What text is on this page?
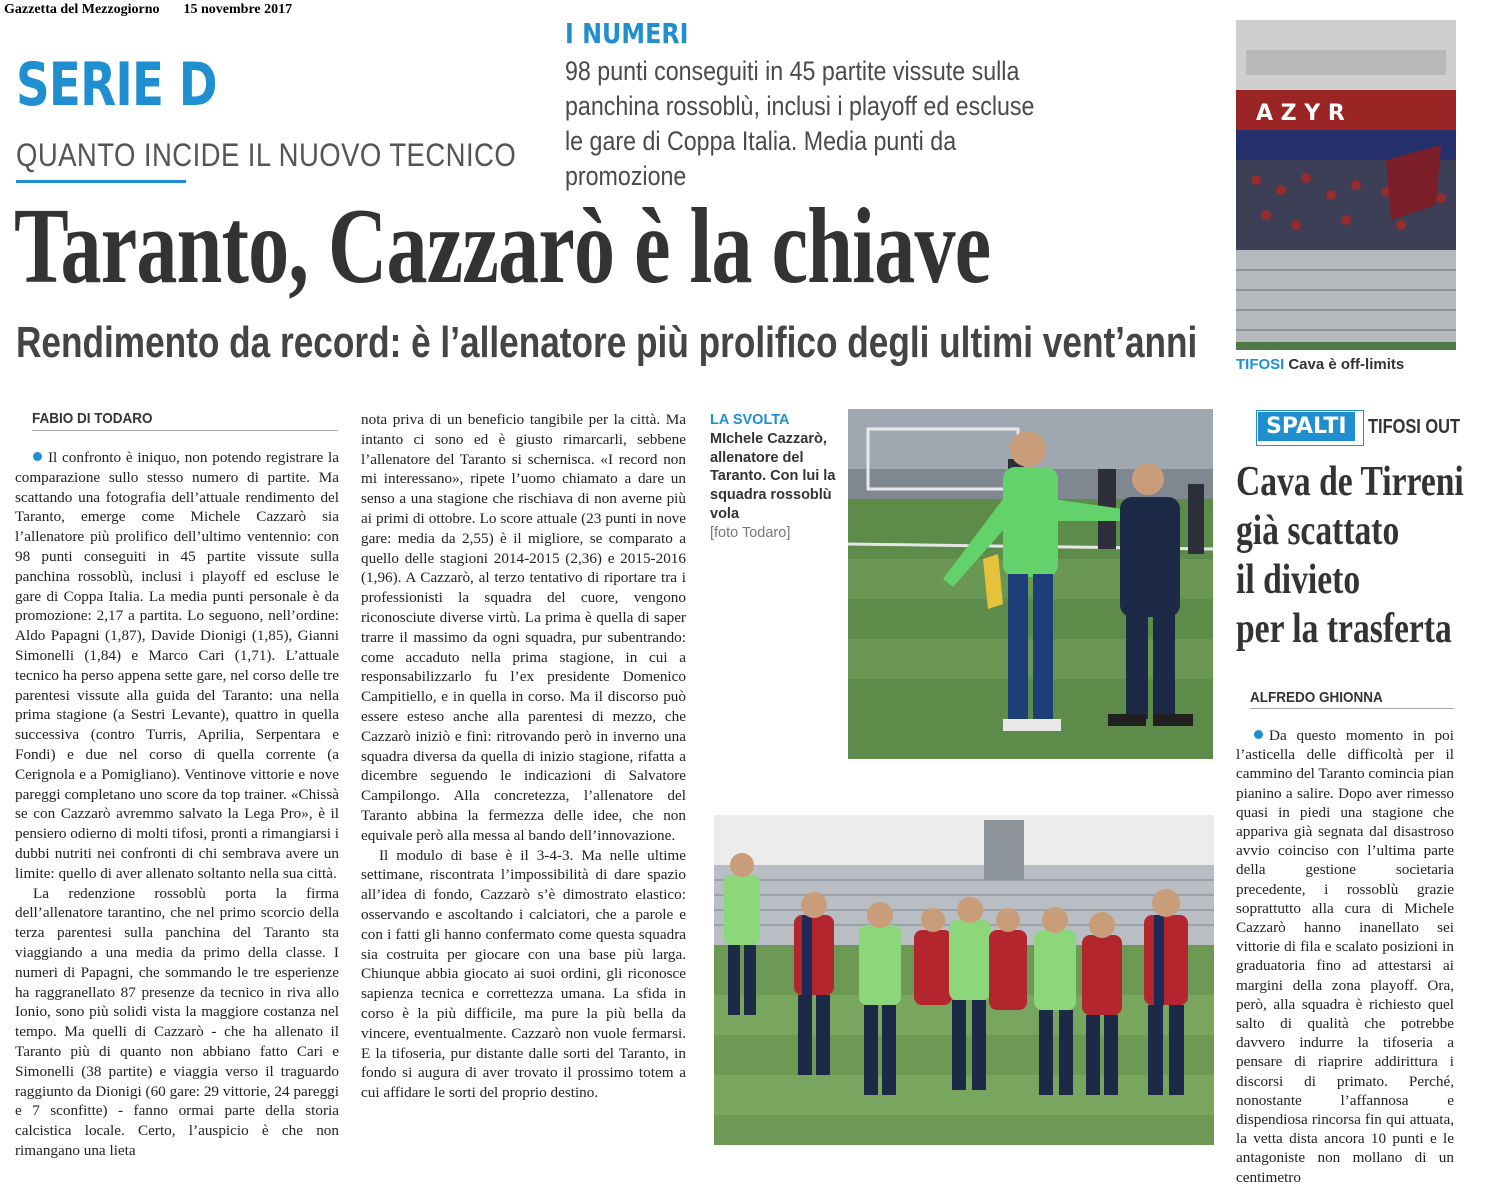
Gazzetta del Mezzogiorno 15 novembre 2017
SERIE D
QUANTO INCIDE IL NUOVO TECNICO
I NUMERI
98 punti conseguiti in 45 partite vissute sulla panchina rossoblù, inclusi i playoff ed escluse le gare di Coppa Italia. Media punti da promozione
Taranto, Cazzarò è la chiave
Rendimento da record: è l’allenatore più prolifico degli ultimi vent’anni
A Z Y R
TIFOSI Cava è off-limits
FABIO DI TODARO

Il confronto è iniquo, non potendo registrare la comparazione sullo stesso numero di partite. Ma scattando una fotografia dell’attuale rendimento del Taranto, emerge come Michele Cazzarò sia l’allenatore più prolifico dell’ultimo ventennio: con 98 punti conseguiti in 45 partite vissute sulla panchina rossoblù, inclusi i playoff ed escluse le gare di Coppa Italia. La media punti personale è da promozione: 2,17 a partita. Lo seguono, nell’ordine: Aldo Papagni (1,87), Davide Dionigi (1,85), Gianni Simonelli (1,84) e Marco Cari (1,71). L’attuale tecnico ha perso appena sette gare, nel corso delle tre parentesi vissute alla guida del Taranto: una nella prima stagione (a Sestri Levante), quattro in quella successiva (contro Turris, Aprilia, Serpentara e Fondi) e due nel corso di quella corrente (a Cerignola e a Pomigliano). Ventinove vittorie e nove pareggi completano uno score da top trainer. «Chissà se con Cazzarò avremmo salvato la Lega Pro», è il pensiero odierno di molti tifosi, pronti a rimangiarsi i dubbi nutriti nei confronti di chi sembrava avere un limite: quello di aver allenato soltanto nella sua città.

La redenzione rossoblù porta la firma dell’allenatore tarantino, che nel primo scorcio della terza parentesi sulla panchina del Taranto sta viaggiando a una media da primo della classe. I numeri di Papagni, che sommando le tre esperienze ha raggranellato 87 presenze da tecnico in riva allo Ionio, sono più solidi vista la maggiore costanza nel tempo. Ma quelli di Cazzarò - che ha allenato il Taranto più di quanto non abbiano fatto Cari e Simonelli (38 partite) e viaggia verso il traguardo raggiunto da Dionigi (60 gare: 29 vittorie, 24 pareggi e 7 sconfitte) - fanno ormai parte della storia calcistica locale. Certo, l’auspicio è che non rimangano una lieta

nota priva di un beneficio tangibile per la città. Ma intanto ci sono ed è giusto rimarcarli, sebbene l’allenatore del Taranto si schernisca. «I record non mi interessano», ripete l’uomo chiamato a dare un senso a una stagione che rischiava di non averne più ai primi di ottobre. Lo score attuale (23 punti in nove gare: media da 2,55) è il migliore, se comparato a quello delle stagioni 2014-2015 (2,36) e 2015-2016 (1,96). A Cazzarò, al terzo tentativo di riportare tra i professionisti la squadra del cuore, vengono riconosciute diverse virtù. La prima è quella di saper trarre il massimo da ogni squadra, pur subentrando: come accaduto nella prima stagione, in cui a responsabilizzarlo fu l’ex presidente Domenico Campitiello, e in quella in corso. Ma il discorso può essere esteso anche alla parentesi di mezzo, che Cazzarò iniziò e finì: ritrovando però in inverno una squadra diversa da quella di inizio stagione, rifatta a dicembre seguendo le indicazioni di Salvatore Campilongo. Alla concretezza, l’allenatore del Taranto abbina la fermezza delle idee, che non equivale però alla messa al bando dell’innovazione.

Il modulo di base è il 3-4-3. Ma nelle ultime settimane, riscontrata l’impossibilità di dare spazio all’idea di fondo, Cazzarò s’è dimostrato elastico: osservando e ascoltando i calciatori, che a parole e con i fatti gli hanno confermato come questa squadra sia costruita per giocare con una base più larga. Chiunque abbia giocato ai suoi ordini, gli riconosce sapienza tecnica e correttezza umana. La sfida in corso è la più difficile, ma pure la più bella da vincere, eventualmente. Cazzarò non vuole fermarsi. E la tifoseria, pur distante dalle sorti del Taranto, in fondo si augura di aver trovato il prossimo totem a cui affidare le sorti del proprio destino.

LA SVOLTA
MIchele Cazzarò, allenatore del Taranto. Con lui la squadra rossoblù vola
[foto Todaro]
SPALTI	TIFOSI OUT
Cava de Tirreni
già scattato
il divieto
per la trasferta
ALFREDO GHIONNA

Da questo momento in poi l’asticella delle difficoltà per il cammino del Taranto comincia pian pianino a salire. Dopo aver rimesso quasi in piedi una stagione che appariva già segnata dal disastroso avvio coinciso con l’ultima parte della gestione societaria precedente, i rossoblù grazie soprattutto alla cura di Michele Cazzarò hanno inanellato sei vittorie di fila e scalato posizioni in graduatoria fino ad attestarsi ai margini della zona playoff. Ora, però, alla squadra è richiesto quel salto di qualità che potrebbe davvero indurre la tifoseria a pensare di riaprire addirittura i discorsi di primato. Perché, nonostante l’affannosa e dispendiosa rincorsa fin qui attuata, la vetta dista ancora 10 punti e le antagoniste non mollano di un centimetro
